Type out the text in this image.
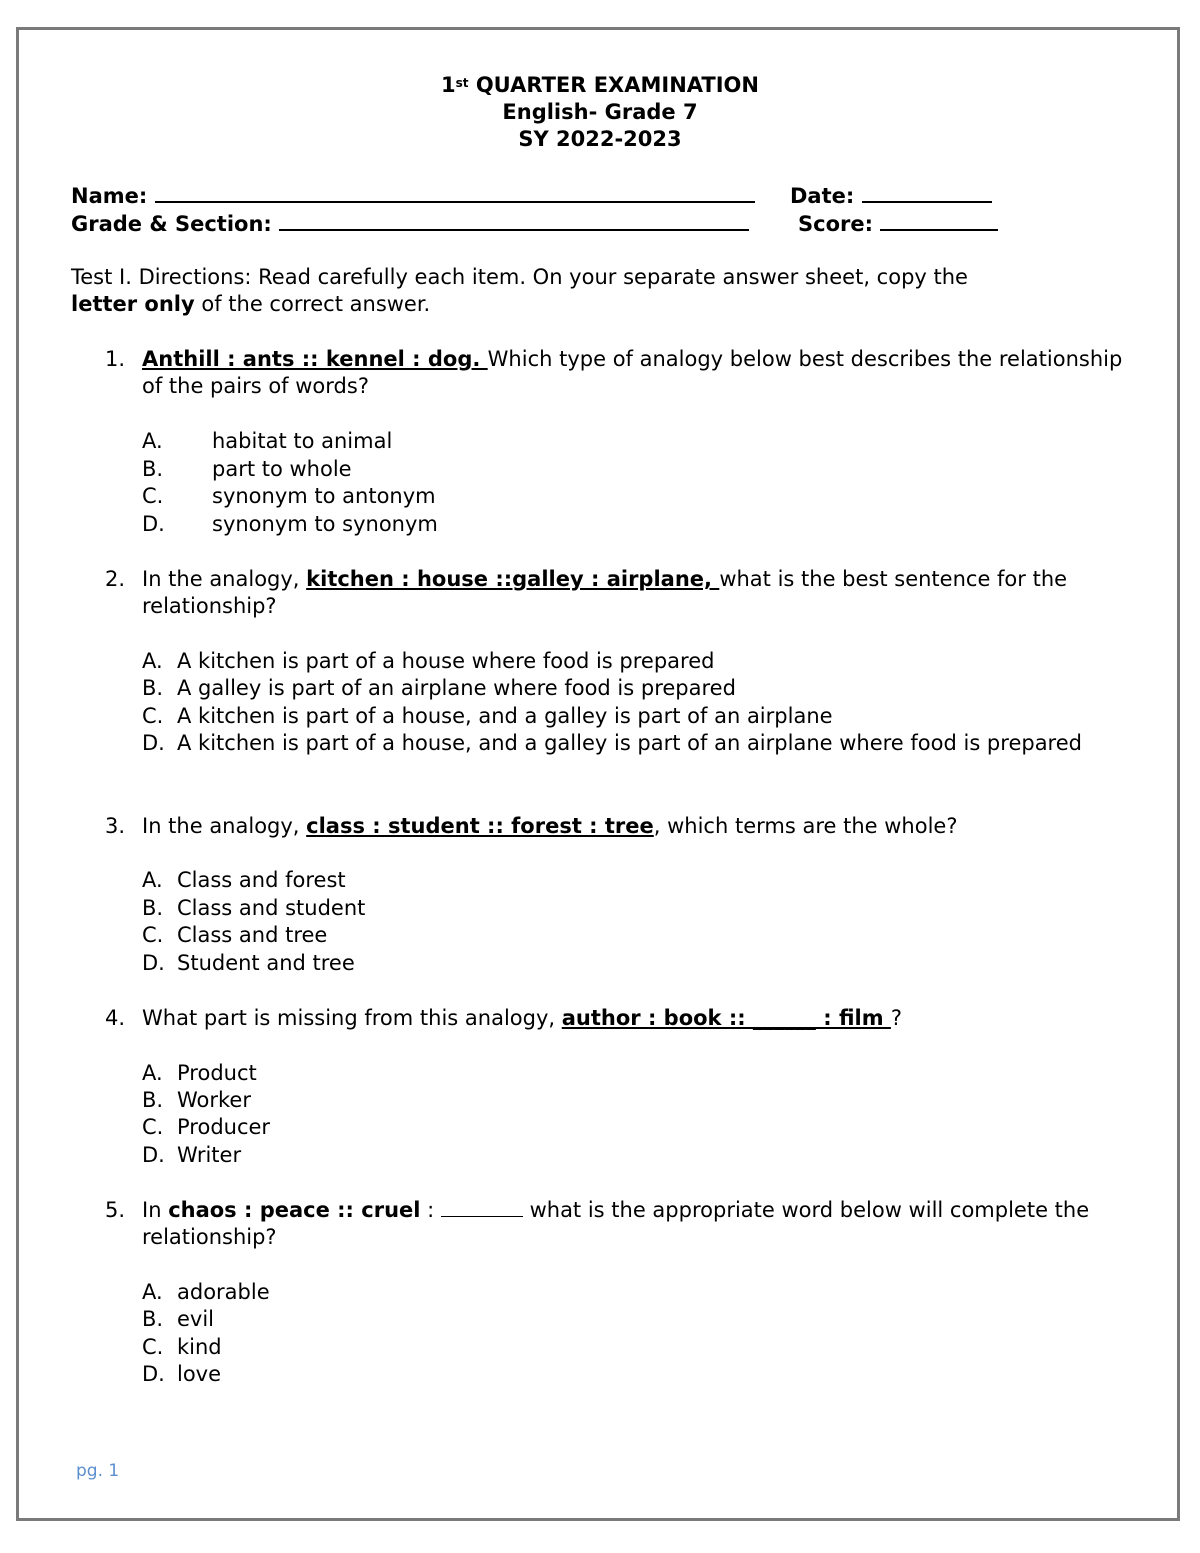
1st QUARTER EXAMINATION
English- Grade 7
SY 2022-2023
Name:	Date:
Grade & Section:	Score:
Test I. Directions: Read carefully each item. On your separate answer sheet, copy the
letter only of the correct answer.
1. Anthill : ants :: kennel : dog. Which type of analogy below best describes the relationship of the pairs of words?
A. habitat to animal
B. part to whole
C. synonym to antonym
D. synonym to synonym
2. In the analogy, kitchen : house ::galley : airplane, what is the best sentence for the relationship?
A. A kitchen is part of a house where food is prepared
B. A galley is part of an airplane where food is prepared
C. A kitchen is part of a house, and a galley is part of an airplane
D. A kitchen is part of a house, and a galley is part of an airplane where food is prepared
3. In the analogy, class : student :: forest : tree, which terms are the whole?
A. Class and forest
B. Class and student
C. Class and tree
D. Student and tree
4. What part is missing from this analogy, author : book :: ______ : film ?
A. Product
B. Worker
C. Producer
D. Writer
5. In chaos : peace :: cruel :	what is the appropriate word below will complete the relationship?
A. adorable
B. evil
C. kind
D. love
pg. 1
